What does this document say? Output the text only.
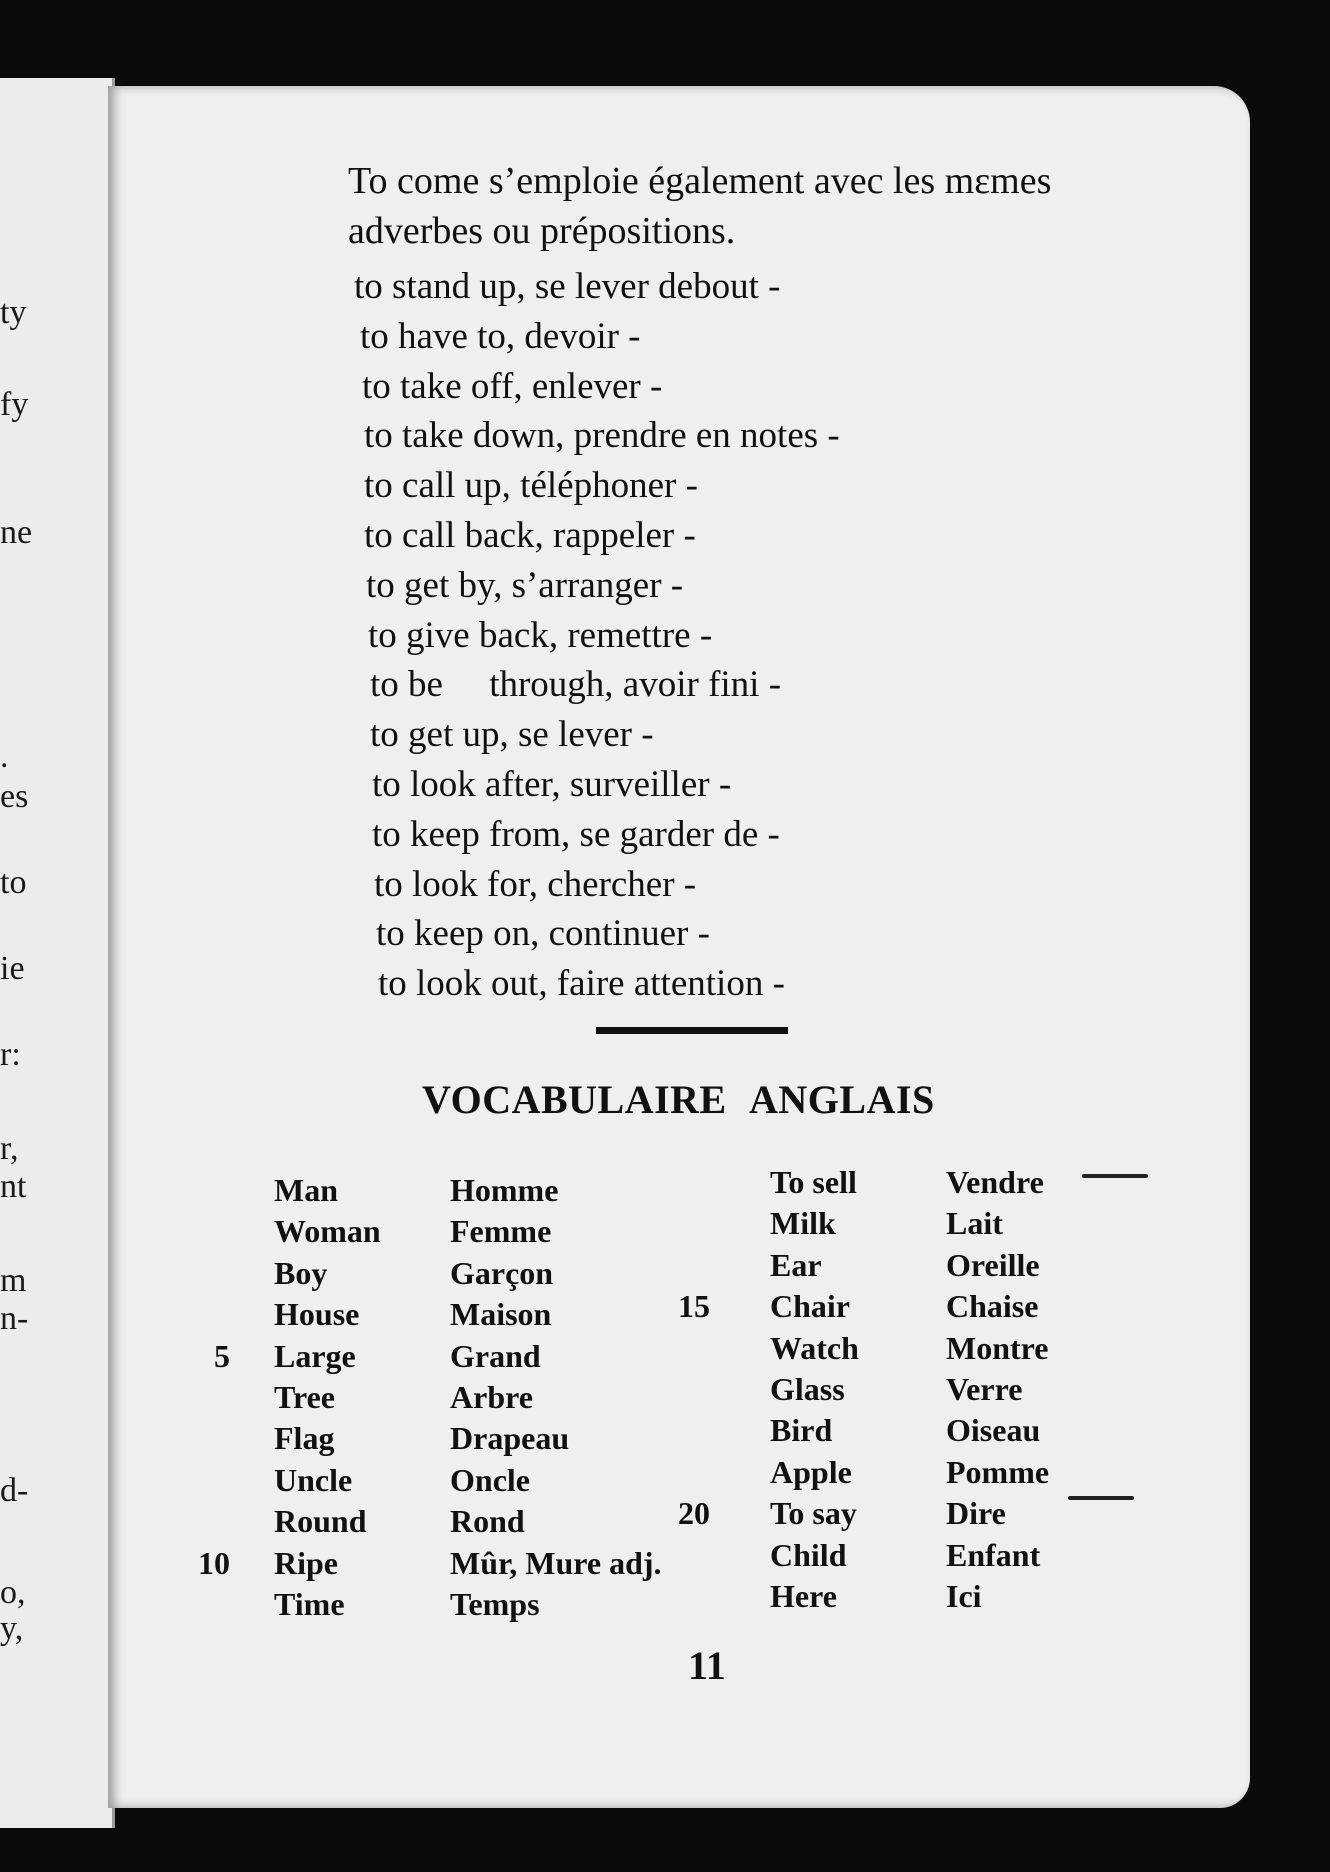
ty
fy
ne
.
es
to
ie
r:
r,
nt
m
n-
d-
o,
y,

To come s’emploie également avec les mεmes
adverbes ou prépositions.

to stand up, se lever debout -
to have to, devoir -
to take off, enlever -
to take down, prendre en notes -
to call up, téléphoner -
to call back, rappeler -
to get by, s’arranger -
to give back, remettre -
to be     through, avoir fini -
to get up, se lever -
to look after, surveiller -
to keep from, se garder de -
to look for, chercher -
to keep on, continuer -
to look out, faire attention -
VOCABULAIRE ANGLAIS
Man	Homme
Woman Femme
Boy	Garçon
House	Maison
5 Large	Grand
Tree	Arbre
Flag	Drapeau
Uncle	Oncle
Round	Rond
10 Ripe	Mûr, Mure adj.
Time	Temps
To sell	Vendre
Milk	Lait
Ear	Oreille
15 Chair	Chaise
Watch	Montre
Glass	Verre
Bird	Oiseau
Apple	Pomme
20 To say	Dire
Child	Enfant
Here	Ici
11
